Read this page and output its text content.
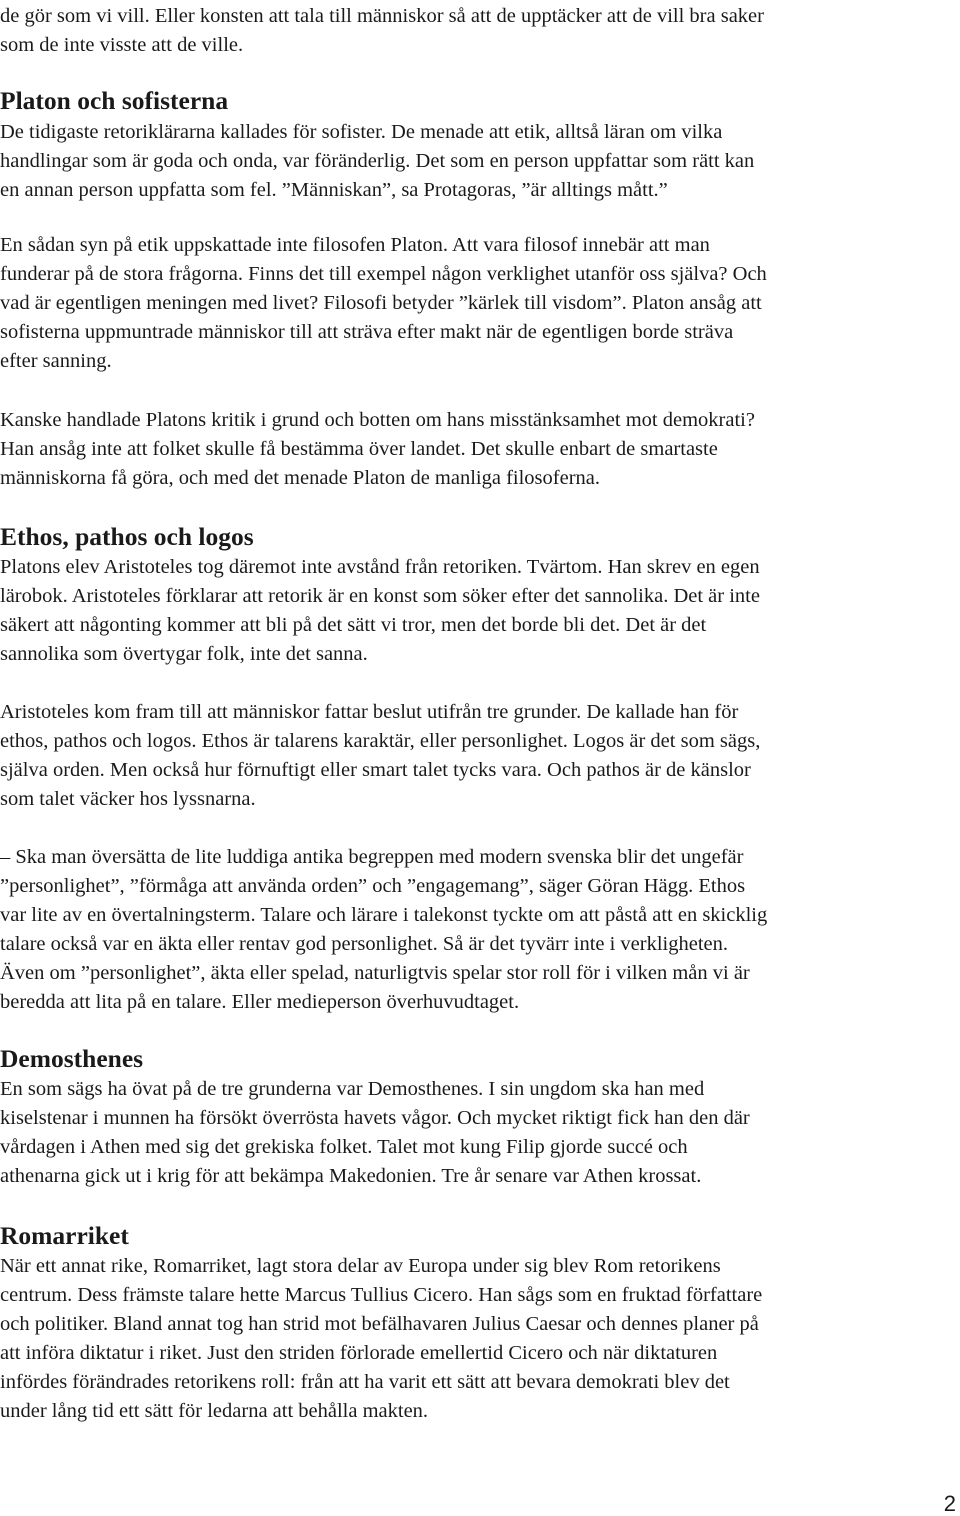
de gör som vi vill. Eller konsten att tala till människor så att de upptäcker att de vill bra saker

som de inte visste att de ville.

Platon och sofisterna

De tidigaste retoriklärarna kallades för sofister. De menade att etik, alltså läran om vilka

handlingar som är goda och onda, var föränderlig. Det som en person uppfattar som rätt kan

en annan person uppfatta som fel. ”Människan”, sa Protagoras, ”är alltings mått.”

En sådan syn på etik uppskattade inte filosofen Platon. Att vara filosof innebär att man

funderar på de stora frågorna. Finns det till exempel någon verklighet utanför oss själva? Och

vad är egentligen meningen med livet? Filosofi betyder ”kärlek till visdom”. Platon ansåg att

sofisterna uppmuntrade människor till att sträva efter makt när de egentligen borde sträva

efter sanning.

Kanske handlade Platons kritik i grund och botten om hans misstänksamhet mot demokrati?

Han ansåg inte att folket skulle få bestämma över landet. Det skulle enbart de smartaste

människorna få göra, och med det menade Platon de manliga filosoferna.

Ethos, pathos och logos

Platons elev Aristoteles tog däremot inte avstånd från retoriken. Tvärtom. Han skrev en egen

lärobok. Aristoteles förklarar att retorik är en konst som söker efter det sannolika. Det är inte

säkert att någonting kommer att bli på det sätt vi tror, men det borde bli det. Det är det

sannolika som övertygar folk, inte det sanna.

Aristoteles kom fram till att människor fattar beslut utifrån tre grunder. De kallade han för

ethos, pathos och logos. Ethos är talarens karaktär, eller personlighet. Logos är det som sägs,

själva orden. Men också hur förnuftigt eller smart talet tycks vara. Och pathos är de känslor

som talet väcker hos lyssnarna.

– Ska man översätta de lite luddiga antika begreppen med modern svenska blir det ungefär

”personlighet”, ”förmåga att använda orden” och ”engagemang”, säger Göran Hägg. Ethos

var lite av en övertalningsterm. Talare och lärare i talekonst tyckte om att påstå att en skicklig

talare också var en äkta eller rentav god personlighet. Så är det tyvärr inte i verkligheten.

Även om ”personlighet”, äkta eller spelad, naturligtvis spelar stor roll för i vilken mån vi är

beredda att lita på en talare. Eller medieperson överhuvudtaget.

Demosthenes

En som sägs ha övat på de tre grunderna var Demosthenes. I sin ungdom ska han med

kiselstenar i munnen ha försökt överrösta havets vågor. Och mycket riktigt fick han den där

vårdagen i Athen med sig det grekiska folket. Talet mot kung Filip gjorde succé och

athenarna gick ut i krig för att bekämpa Makedonien. Tre år senare var Athen krossat.

Romarriket

När ett annat rike, Romarriket, lagt stora delar av Europa under sig blev Rom retorikens

centrum. Dess främste talare hette Marcus Tullius Cicero. Han sågs som en fruktad författare

och politiker. Bland annat tog han strid mot befälhavaren Julius Caesar och dennes planer på

att införa diktatur i riket. Just den striden förlorade emellertid Cicero och när diktaturen

infördes förändrades retorikens roll: från att ha varit ett sätt att bevara demokrati blev det

under lång tid ett sätt för ledarna att behålla makten.

2
